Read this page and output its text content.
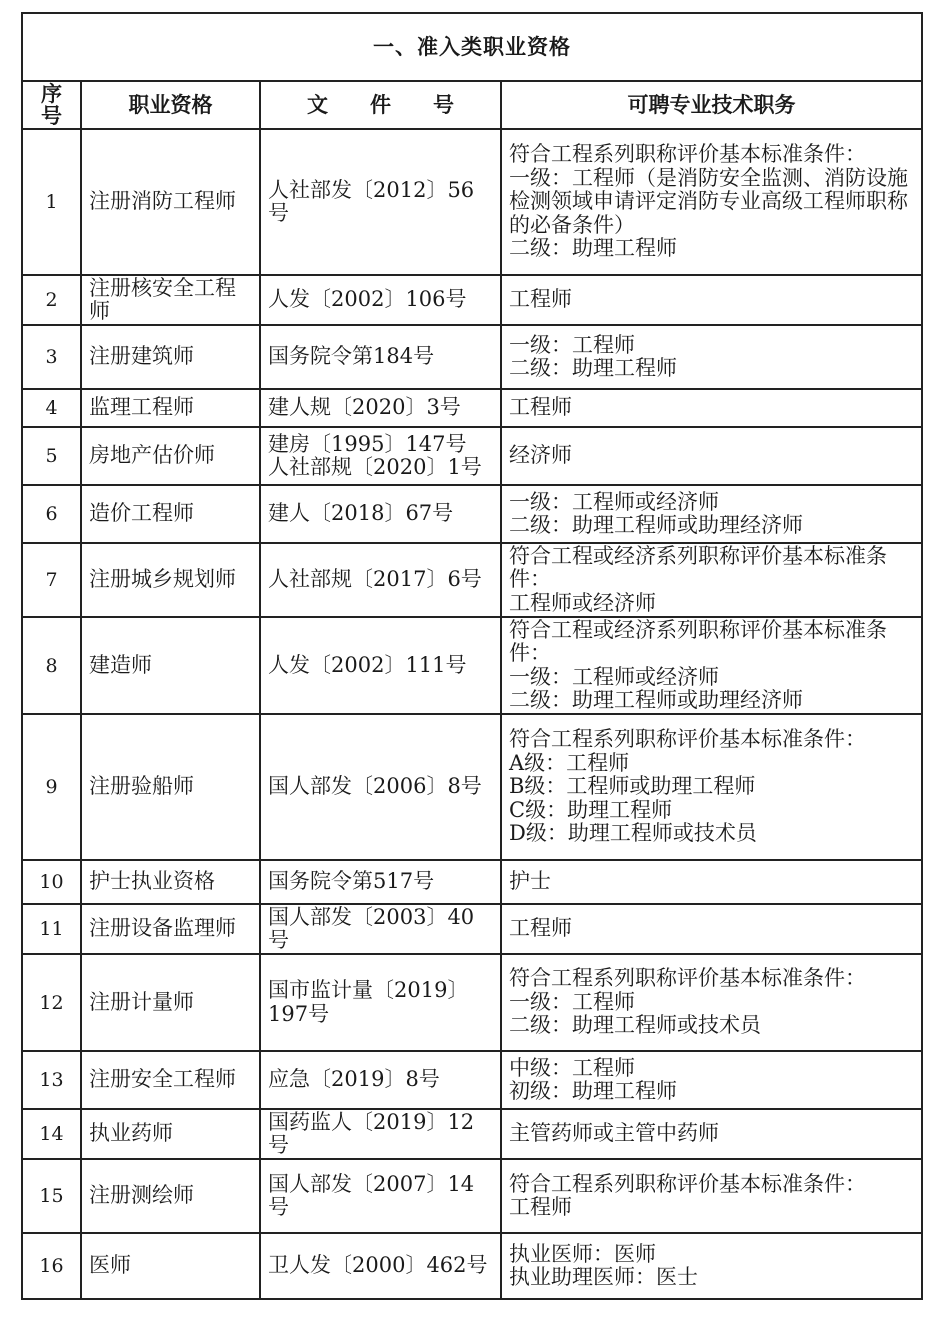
一、准入类职业资格			
序
号	职业资格	文　　件　　号	可聘专业技术职务
1	注册消防工程师	人社部发〔2012〕56号	符合工程系列职称评价基本标准条件：
一级：工程师（是消防安全监测、消防设施检测领域申请评定消防专业高级工程师职称的必备条件）
二级：助理工程师

2	注册核安全工程师	人发〔2002〕106号	工程师

3	注册建筑师	国务院令第184号	一级：工程师
二级：助理工程师

4	监理工程师	建人规〔2020〕3号	工程师

5	房地产估价师	建房〔1995〕147号
人社部规〔2020〕1号	经济师

6	造价工程师	建人〔2018〕67号	一级：工程师或经济师
二级：助理工程师或助理经济师

7	注册城乡规划师	人社部规〔2017〕6号	符合工程或经济系列职称评价基本标准条件：
工程师或经济师

8	建造师	人发〔2002〕111号	符合工程或经济系列职称评价基本标准条件：
一级：工程师或经济师
二级：助理工程师或助理经济师

9	注册验船师	国人部发〔2006〕8号	符合工程系列职称评价基本标准条件：
A级：工程师
B级：工程师或助理工程师
C级：助理工程师
D级：助理工程师或技术员

10	护士执业资格	国务院令第517号	护士

11	注册设备监理师	国人部发〔2003〕40号	工程师

12	注册计量师	国市监计量〔2019〕197号	符合工程系列职称评价基本标准条件：
一级：工程师
二级：助理工程师或技术员

13	注册安全工程师	应急〔2019〕8号	中级：工程师
初级：助理工程师

14	执业药师	国药监人〔2019〕12号	主管药师或主管中药师

15	注册测绘师	国人部发〔2007〕14号	符合工程系列职称评价基本标准条件：
工程师

16	医师	卫人发〔2000〕462号	执业医师：医师
执业助理医师：医士
